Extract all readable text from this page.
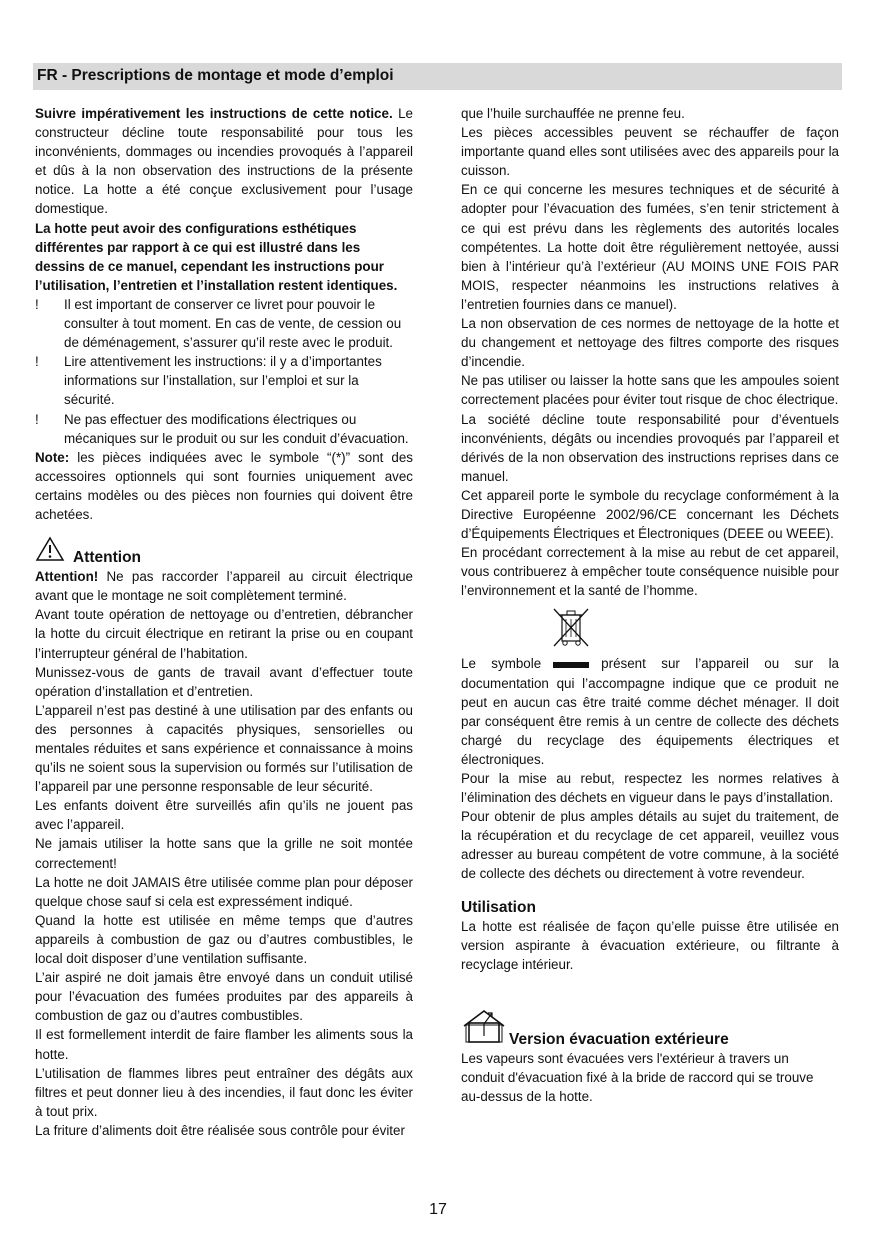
FR - Prescriptions de montage et mode d’emploi

Suivre impérativement les instructions de cette notice. Le constructeur décline toute responsabilité pour tous les inconvénients, dommages ou incendies provoqués à l’appareil et dûs à la non observation des instructions de la présente notice. La hotte a été conçue exclusivement pour l’usage domestique.

La hotte peut avoir des configurations esthétiques différentes par rapport à ce qui est illustré dans les dessins de ce manuel, cependant les instructions pour l’utilisation, l’entretien et l’installation restent identiques.

!	Il est important de conserver ce livret pour pouvoir le consulter à tout moment. En cas de vente, de cession ou de déménagement, s’assurer qu’il reste avec le produit.
!	Lire attentivement les instructions: il y a d’importantes informations sur l’installation, sur l’emploi et sur la sécurité.
!	Ne pas effectuer des modifications électriques ou mécaniques sur le produit ou sur les conduit d’évacuation.

Note: les pièces indiquées avec le symbole “(*)” sont des accessoires optionnels qui sont fournies uniquement avec certains modèles ou des pièces non fournies qui doivent être achetées.

Attention

Attention! Ne pas raccorder l’appareil au circuit électrique avant que le montage ne soit complètement terminé.

Avant toute opération de nettoyage ou d’entretien, débrancher la hotte du circuit électrique en retirant la prise ou en coupant l’interrupteur général de l’habitation.

Munissez-vous de gants de travail avant d’effectuer toute opération d’installation et d’entretien.

L’appareil n’est pas destiné à une utilisation par des enfants ou des personnes à capacités physiques, sensorielles ou mentales réduites et sans expérience et connaissance à moins qu’ils ne soient sous la supervision ou formés sur l’utilisation de l’appareil par une personne responsable de leur sécurité.

Les enfants doivent être surveillés afin qu’ils ne jouent pas avec l’appareil.

Ne jamais utiliser la hotte sans que la grille ne soit montée correctement!

La hotte ne doit JAMAIS être utilisée comme plan pour déposer quelque chose sauf si cela est expressément indiqué.

Quand la hotte est utilisée en même temps que d’autres appareils à combustion de gaz ou d’autres combustibles, le local doit disposer d’une ventilation suffisante.

L’air aspiré ne doit jamais être envoyé dans un conduit utilisé pour l’évacuation des fumées produites par des appareils à combustion de gaz ou d’autres combustibles.

Il est formellement interdit de faire flamber les aliments sous la hotte.

L’utilisation de flammes libres peut entraîner des dégâts aux filtres et peut donner lieu à des incendies, il faut donc les éviter à tout prix.

La friture d’aliments doit être réalisée sous contrôle pour éviter

que l’huile surchauffée ne prenne feu.

Les pièces accessibles peuvent se réchauffer de façon importante quand elles sont utilisées avec des appareils pour la cuisson.

En ce qui concerne les mesures techniques et de sécurité à adopter pour l’évacuation des fumées, s’en tenir strictement à ce qui est prévu dans les règlements des autorités locales compétentes. La hotte doit être régulièrement nettoyée, aussi bien à l’intérieur qu’à l’extérieur (AU MOINS UNE FOIS PAR MOIS, respecter néanmoins les instructions relatives à l’entretien fournies dans ce manuel).

La non observation de ces normes de nettoyage de la hotte et du changement et nettoyage des filtres comporte des risques d’incendie.

Ne pas utiliser ou laisser la hotte sans que les ampoules soient correctement placées pour éviter tout risque de choc électrique.

La société décline toute responsabilité pour d’éventuels inconvénients, dégâts ou incendies provoqués par l’appareil et dérivés de la non observation des instructions reprises dans ce manuel.

Cet appareil porte le symbole du recyclage conformément à la Directive Européenne 2002/96/CE concernant les Déchets d’Équipements Électriques et Électroniques (DEEE ou WEEE).

En procédant correctement à la mise au rebut de cet appareil, vous contribuerez à empêcher toute conséquence nuisible pour l’environnement et la santé de l’homme.

Le symbole	présent sur l’appareil ou sur la documentation qui l’accompagne indique que ce produit ne peut en aucun cas être traité comme déchet ménager. Il doit par conséquent être remis à un centre de collecte des déchets chargé du recyclage des équipements électriques et électroniques.

Pour la mise au rebut, respectez les normes relatives à l’élimination des déchets en vigueur dans le pays d’installation.

Pour obtenir de plus amples détails au sujet du traitement, de la récupération et du recyclage de cet appareil, veuillez vous adresser au bureau compétent de votre commune, à la société de collecte des déchets ou directement à votre revendeur.

Utilisation

La hotte est réalisée de façon qu’elle puisse être utilisée en version aspirante à évacuation extérieure, ou filtrante à recyclage intérieur.

Version évacuation extérieure

Les vapeurs sont évacuées vers l'extérieur à travers un

conduit d'évacuation fixé à la bride de raccord qui se trouve

au-dessus de la hotte.

17
